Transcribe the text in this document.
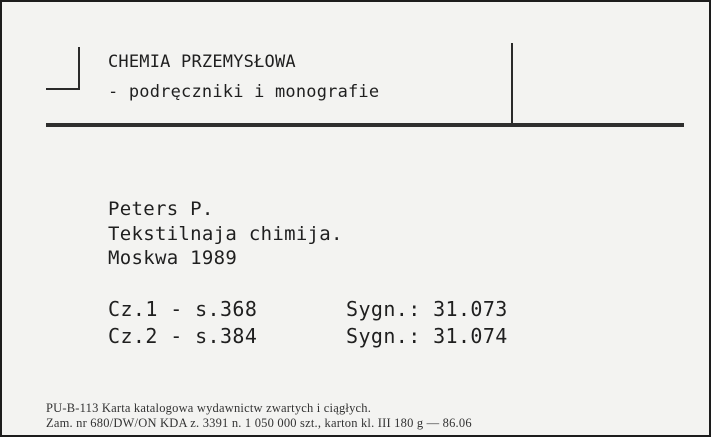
CHEMIA PRZEMYSŁOWA
- podręczniki i monografie
Peters P.
Tekstilnaja chimija.
Moskwa 1989
Cz.1 - s.368	Sygn.: 31.073
Cz.2 - s.384	Sygn.: 31.074
PU-B-113 Karta katalogowa wydawnictw zwartych i ciągłych.
Zam. nr 680/DW/ON KDA z. 3391 n. 1 050 000 szt., karton kl. III 180 g — 86.06
